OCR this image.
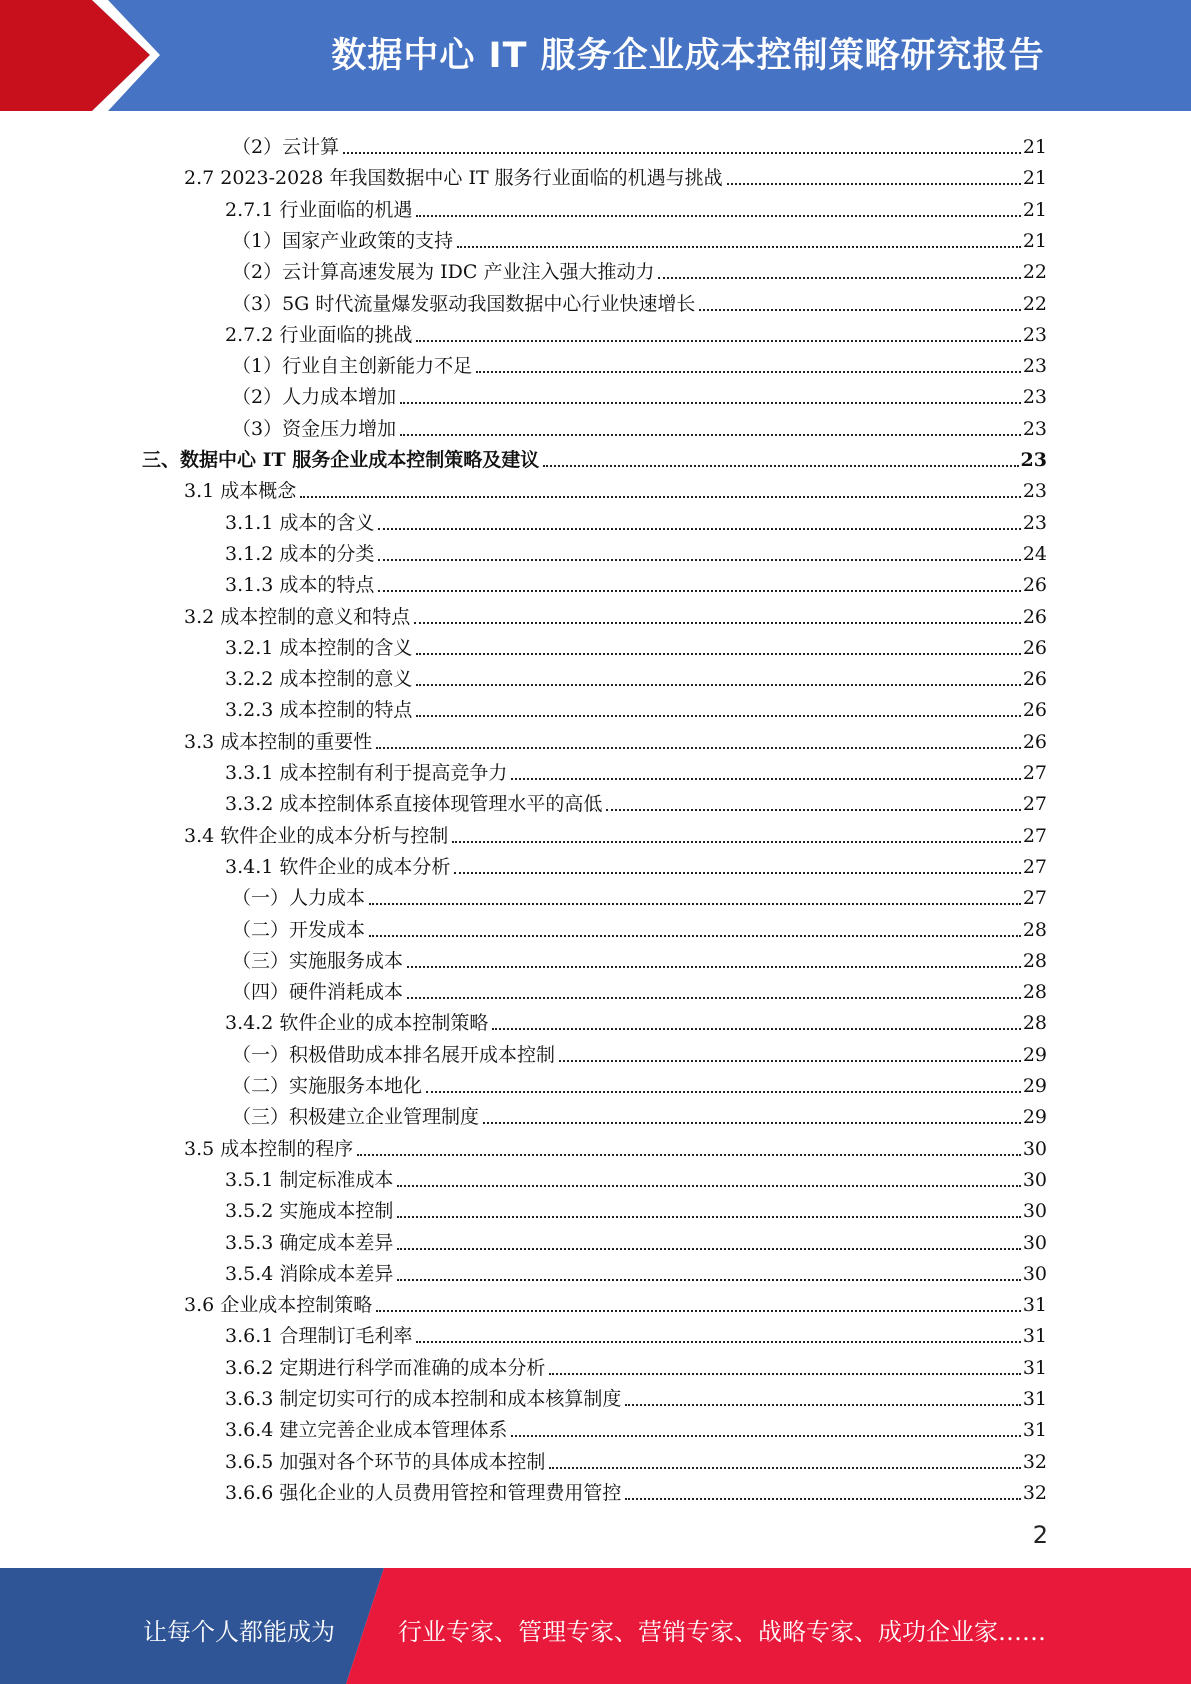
数据中心 IT 服务企业成本控制策略研究报告
（2）云计算	21
2.7 2023-2028 年我国数据中心 IT 服务行业面临的机遇与挑战	21
2.7.1 行业面临的机遇	21
（1）国家产业政策的支持	21
（2）云计算高速发展为 IDC 产业注入强大推动力	22
（3）5G 时代流量爆发驱动我国数据中心行业快速增长	22
2.7.2 行业面临的挑战	23
（1）行业自主创新能力不足	23
（2）人力成本增加	23
（3）资金压力增加	23
三、数据中心 IT 服务企业成本控制策略及建议	23
3.1 成本概念	23
3.1.1 成本的含义	23
3.1.2 成本的分类	24
3.1.3 成本的特点	26
3.2 成本控制的意义和特点	26
3.2.1 成本控制的含义	26
3.2.2 成本控制的意义	26
3.2.3 成本控制的特点	26
3.3 成本控制的重要性	26
3.3.1 成本控制有利于提高竞争力	27
3.3.2 成本控制体系直接体现管理水平的高低	27
3.4 软件企业的成本分析与控制	27
3.4.1 软件企业的成本分析	27
（一）人力成本	27
（二）开发成本	28
（三）实施服务成本	28
（四）硬件消耗成本	28
3.4.2 软件企业的成本控制策略	28
（一）积极借助成本排名展开成本控制	29
（二）实施服务本地化	29
（三）积极建立企业管理制度	29
3.5 成本控制的程序	30
3.5.1 制定标准成本	30
3.5.2 实施成本控制	30
3.5.3 确定成本差异	30
3.5.4 消除成本差异	30
3.6 企业成本控制策略	31
3.6.1 合理制订毛利率	31
3.6.2 定期进行科学而准确的成本分析	31
3.6.3 制定切实可行的成本控制和成本核算制度	31
3.6.4 建立完善企业成本管理体系	31
3.6.5 加强对各个环节的具体成本控制	32
3.6.6 强化企业的人员费用管控和管理费用管控	32
2
让每个人都能成为	行业专家、管理专家、营销专家、战略专家、成功企业家……
